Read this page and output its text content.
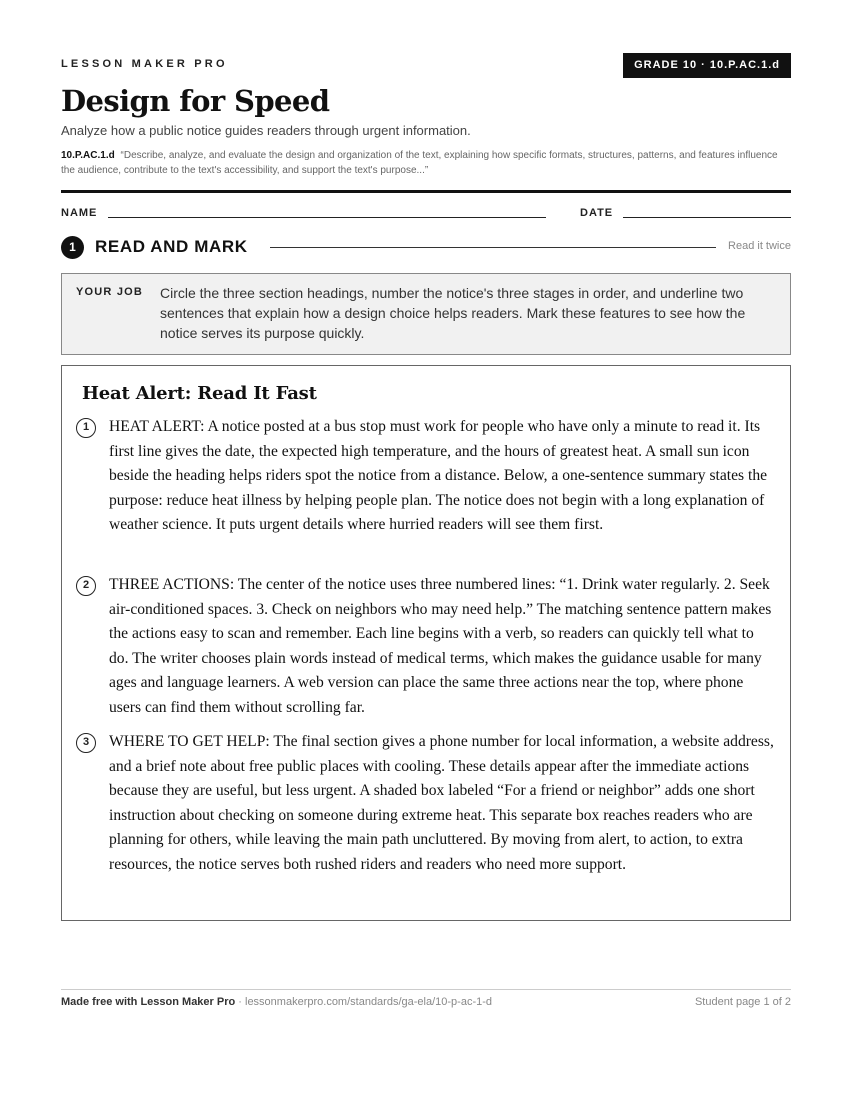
LESSON MAKER PRO	GRADE 10 · 10.P.AC.1.d
Design for Speed
Analyze how a public notice guides readers through urgent information.
10.P.AC.1.d “Describe, analyze, and evaluate the design and organization of the text, explaining how specific formats, structures, patterns, and features influence the audience, contribute to the text's accessibility, and support the text's purpose...”
NAME	DATE
1	READ AND MARK	Read it twice
YOUR JOB Circle the three section headings, number the notice's three stages in order, and underline two sentences that explain how a design choice helps readers. Mark these features to see how the notice serves its purpose quickly.
Heat Alert: Read It Fast
1	HEAT ALERT: A notice posted at a bus stop must work for people who have only a minute to read it. Its first line gives the date, the expected high temperature, and the hours of greatest heat. A small sun icon beside the heading helps riders spot the notice from a distance. Below, a one-sentence summary states the purpose: reduce heat illness by helping people plan. The notice does not begin with a long explanation of weather science. It puts urgent details where hurried readers will see them first.

2	THREE ACTIONS: The center of the notice uses three numbered lines: “1. Drink water regularly. 2. Seek air-conditioned spaces. 3. Check on neighbors who may need help.” The matching sentence pattern makes the actions easy to scan and remember. Each line begins with a verb, so readers can quickly tell what to do. The writer chooses plain words instead of medical terms, which makes the guidance usable for many ages and language learners. A web version can place the same three actions near the top, where phone users can find them without scrolling far.

3	WHERE TO GET HELP: The final section gives a phone number for local information, a website address, and a brief note about free public places with cooling. These details appear after the immediate actions because they are useful, but less urgent. A shaded box labeled “For a friend or neighbor” adds one short instruction about checking on someone during extreme heat. This separate box reaches readers who are planning for others, while leaving the main path uncluttered. By moving from alert, to action, to extra resources, the notice serves both rushed riders and readers who need more support.

Made free with Lesson Maker Pro · lessonmakerpro.com/standards/ga-ela/10-p-ac-1-d	Student page 1 of 2
